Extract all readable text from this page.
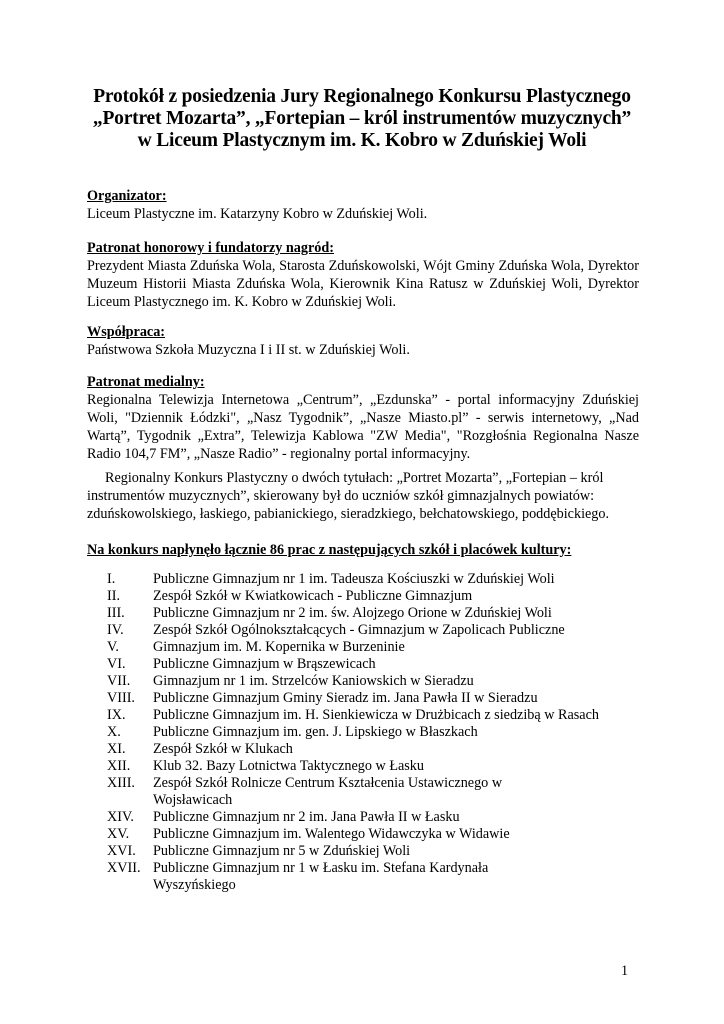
Protokół z posiedzenia Jury Regionalnego Konkursu Plastycznego
„Portret Mozarta”, „Fortepian – król instrumentów muzycznych”
w Liceum Plastycznym im. K. Kobro w Zduńskiej Woli
Organizator:
Liceum Plastyczne im. Katarzyny Kobro w Zduńskiej Woli.
Patronat honorowy i fundatorzy nagród:
Prezydent Miasta Zduńska Wola, Starosta Zduńskowolski, Wójt Gminy Zduńska Wola, Dyrektor Muzeum Historii Miasta Zduńska Wola, Kierownik Kina Ratusz w Zduńskiej Woli, Dyrektor Liceum Plastycznego im. K. Kobro w Zduńskiej Woli.
Współpraca:
Państwowa Szkoła Muzyczna I i II st. w Zduńskiej Woli.
Patronat medialny:
Regionalna Telewizja Internetowa „Centrum”, „Ezdunska” - portal informacyjny Zduńskiej Woli, "Dziennik Łódzki", „Nasz Tygodnik”, „Nasze Miasto.pl” - serwis internetowy, „Nad Wartą”, Tygodnik „Extra”, Telewizja Kablowa "ZW Media", "Rozgłośnia Regionalna Nasze Radio 104,7 FM”, „Nasze Radio” - regionalny portal informacyjny.
Regionalny Konkurs Plastyczny o dwóch tytułach: „Portret Mozarta”, „Fortepian – król
instrumentów muzycznych”, skierowany był do uczniów szkół gimnazjalnych powiatów:
zduńskowolskiego, łaskiego, pabianickiego, sieradzkiego, bełchatowskiego, poddębickiego.
Na konkurs napłynęło łącznie 86 prac z następujących szkół i placówek kultury:
I.	Publiczne Gimnazjum nr 1 im. Tadeusza Kościuszki w Zduńskiej Woli
II. Zespół Szkół w Kwiatkowicach - Publiczne Gimnazjum
III. Publiczne Gimnazjum nr 2 im. św. Alojzego Orione w Zduńskiej Woli
IV. Zespół Szkół Ogólnokształcących - Gimnazjum w Zapolicach Publiczne
V. Gimnazjum im. M. Kopernika w Burzeninie
VI. Publiczne Gimnazjum w Brąszewicach
VII. Gimnazjum nr 1 im. Strzelców Kaniowskich w Sieradzu
VIII. Publiczne Gimnazjum Gminy Sieradz im. Jana Pawła II w Sieradzu
IX. Publiczne Gimnazjum im. H. Sienkiewicza w Drużbicach z siedzibą w Rasach
X. Publiczne Gimnazjum im. gen. J. Lipskiego w Błaszkach
XI. Zespół Szkół w Klukach
XII. Klub 32. Bazy Lotnictwa Taktycznego w Łasku
XIII. Zespół Szkół Rolnicze Centrum Kształcenia Ustawicznego w Wojsławicach
XIV. Publiczne Gimnazjum nr 2 im. Jana Pawła II w Łasku
XV. Publiczne Gimnazjum im. Walentego Widawczyka w Widawie
XVI. Publiczne Gimnazjum nr 5 w Zduńskiej Woli
XVII. Publiczne Gimnazjum nr 1 w Łasku im. Stefana Kardynała Wyszyńskiego
1
